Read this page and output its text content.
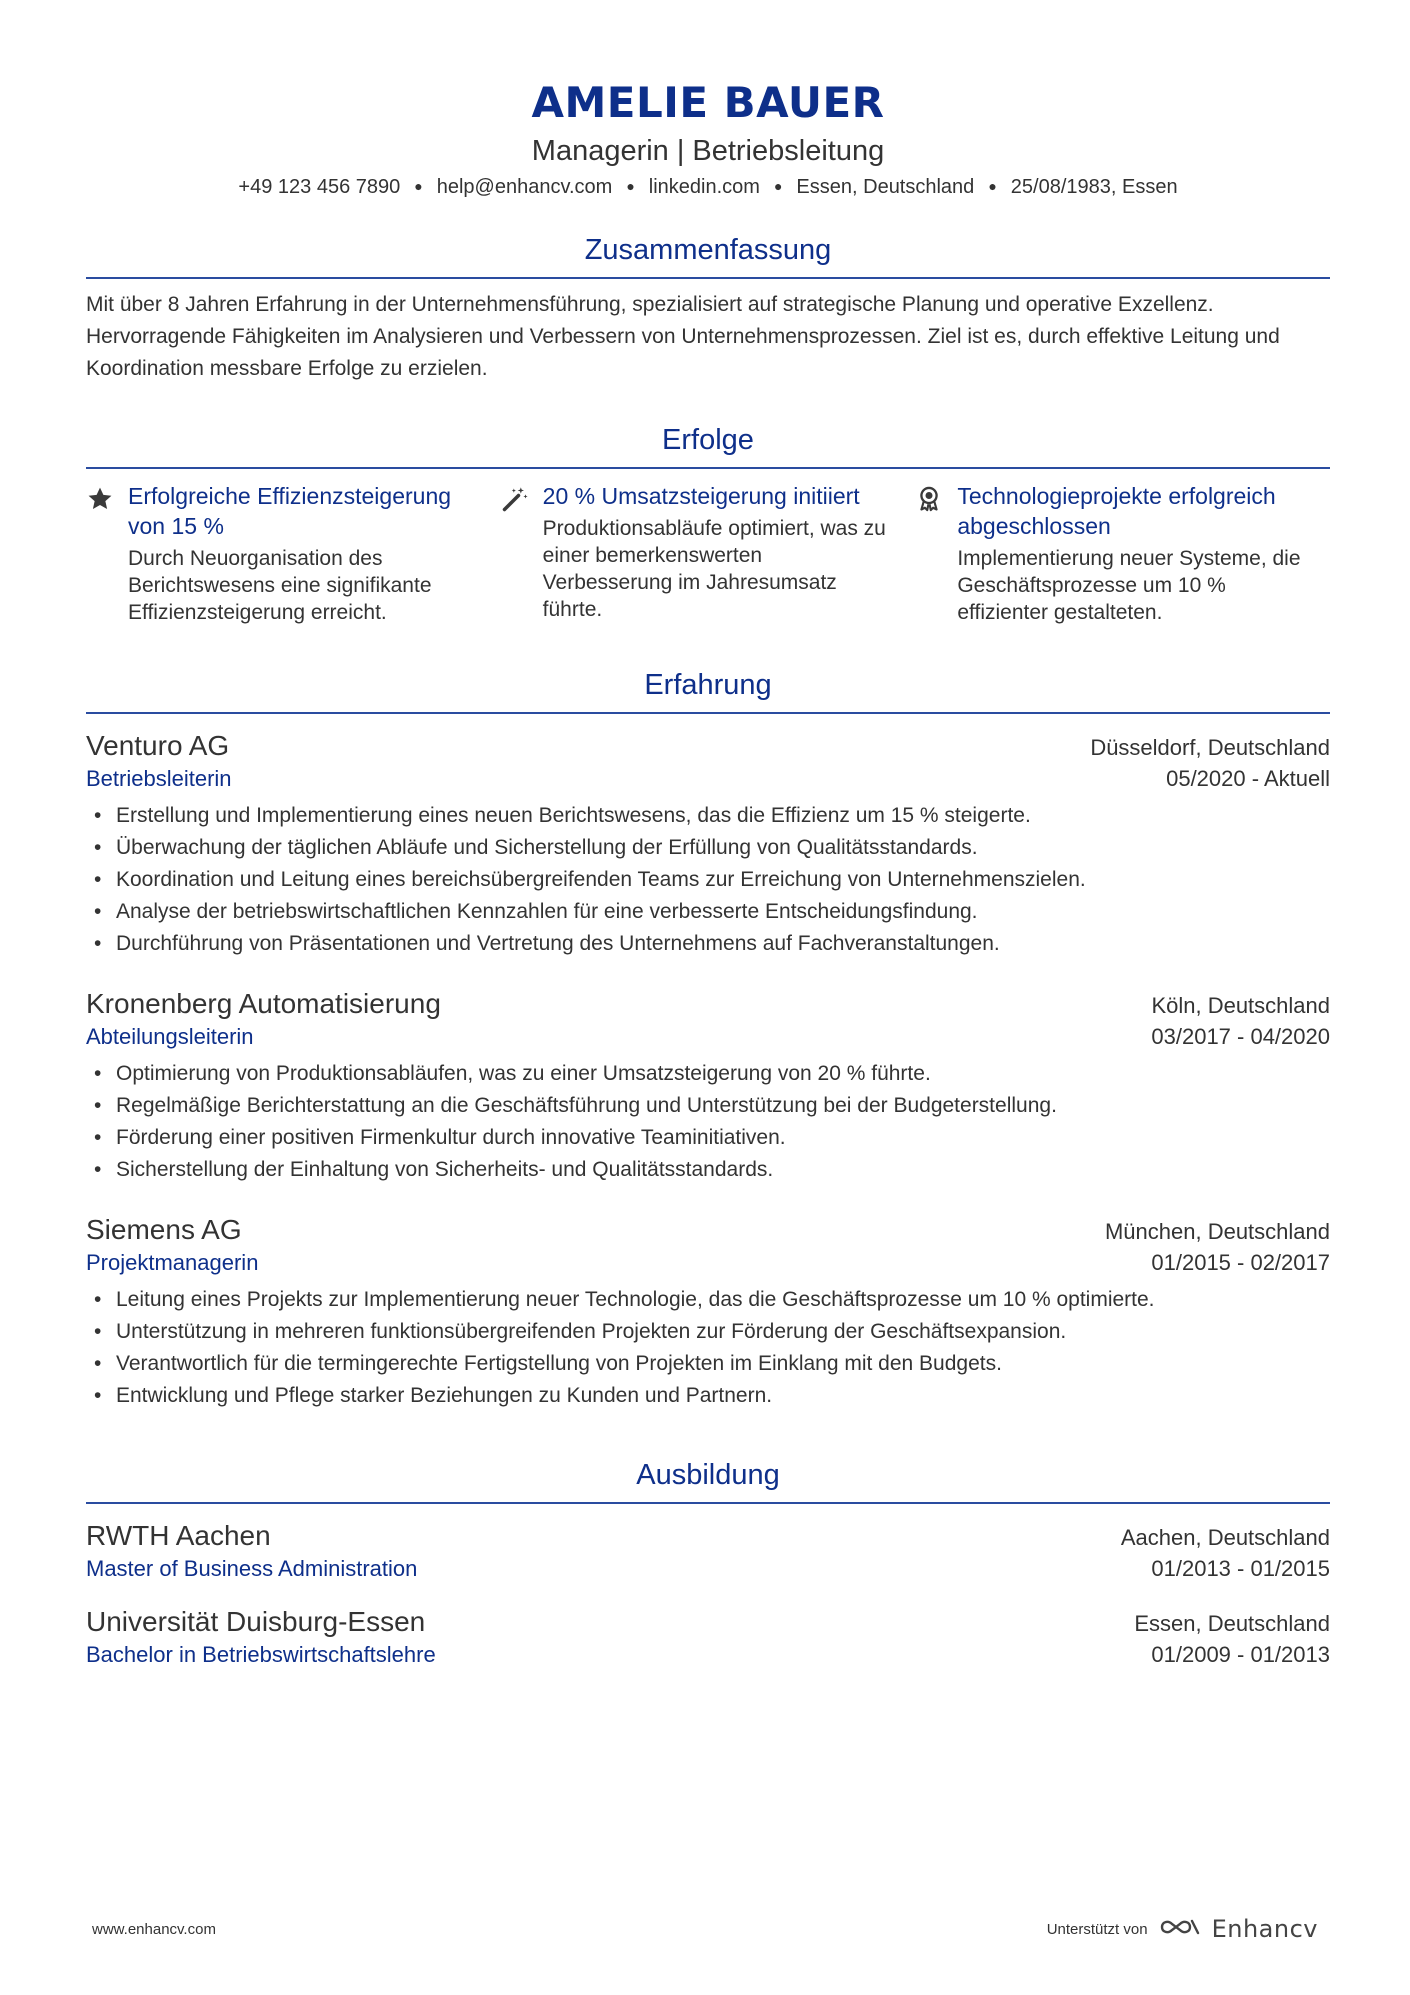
AMELIE BAUER
Managerin | Betriebsleitung
+49 123 456 7890 ● help@enhancv.com ● linkedin.com ● Essen, Deutschland ● 25/08/1983, Essen
Zusammenfassung

Mit über 8 Jahren Erfahrung in der Unternehmensführung, spezialisiert auf strategische Planung und operative Exzellenz. Hervorragende Fähigkeiten im Analysieren und Verbessern von Unternehmensprozessen. Ziel ist es, durch effektive Leitung und Koordination messbare Erfolge zu erzielen.

Erfolge
Erfolgreiche Effizienzsteigerung von 15 %
Durch Neuorganisation des Berichtswesens eine signifikante Effizienzsteigerung erreicht.
20 % Umsatzsteigerung initiiert
Produktionsabläufe optimiert, was zu einer bemerkenswerten Verbesserung im Jahresumsatz führte.
Technologieprojekte erfolgreich abgeschlossen
Implementierung neuer Systeme, die Geschäftsprozesse um 10 % effizienter gestalteten.
Erfahrung
Venturo AG	Düsseldorf, Deutschland
Betriebsleiterin	05/2020 - Aktuell
• Erstellung und Implementierung eines neuen Berichtswesens, das die Effizienz um 15 % steigerte.
• Überwachung der täglichen Abläufe und Sicherstellung der Erfüllung von Qualitätsstandards.
• Koordination und Leitung eines bereichsübergreifenden Teams zur Erreichung von Unternehmenszielen.
• Analyse der betriebswirtschaftlichen Kennzahlen für eine verbesserte Entscheidungsfindung.
• Durchführung von Präsentationen und Vertretung des Unternehmens auf Fachveranstaltungen.
Kronenberg Automatisierung	Köln, Deutschland
Abteilungsleiterin	03/2017 - 04/2020
• Optimierung von Produktionsabläufen, was zu einer Umsatzsteigerung von 20 % führte.
• Regelmäßige Berichterstattung an die Geschäftsführung und Unterstützung bei der Budgeterstellung.
• Förderung einer positiven Firmenkultur durch innovative Teaminitiativen.
• Sicherstellung der Einhaltung von Sicherheits- und Qualitätsstandards.
Siemens AG	München, Deutschland
Projektmanagerin	01/2015 - 02/2017
• Leitung eines Projekts zur Implementierung neuer Technologie, das die Geschäftsprozesse um 10 % optimierte.
• Unterstützung in mehreren funktionsübergreifenden Projekten zur Förderung der Geschäftsexpansion.
• Verantwortlich für die termingerechte Fertigstellung von Projekten im Einklang mit den Budgets.
• Entwicklung und Pflege starker Beziehungen zu Kunden und Partnern.
Ausbildung
RWTH Aachen	Aachen, Deutschland
Master of Business Administration	01/2013 - 01/2015
Universität Duisburg-Essen	Essen, Deutschland
Bachelor in Betriebswirtschaftslehre	01/2009 - 01/2013
www.enhancv.com	Unterstützt von	Enhancv
